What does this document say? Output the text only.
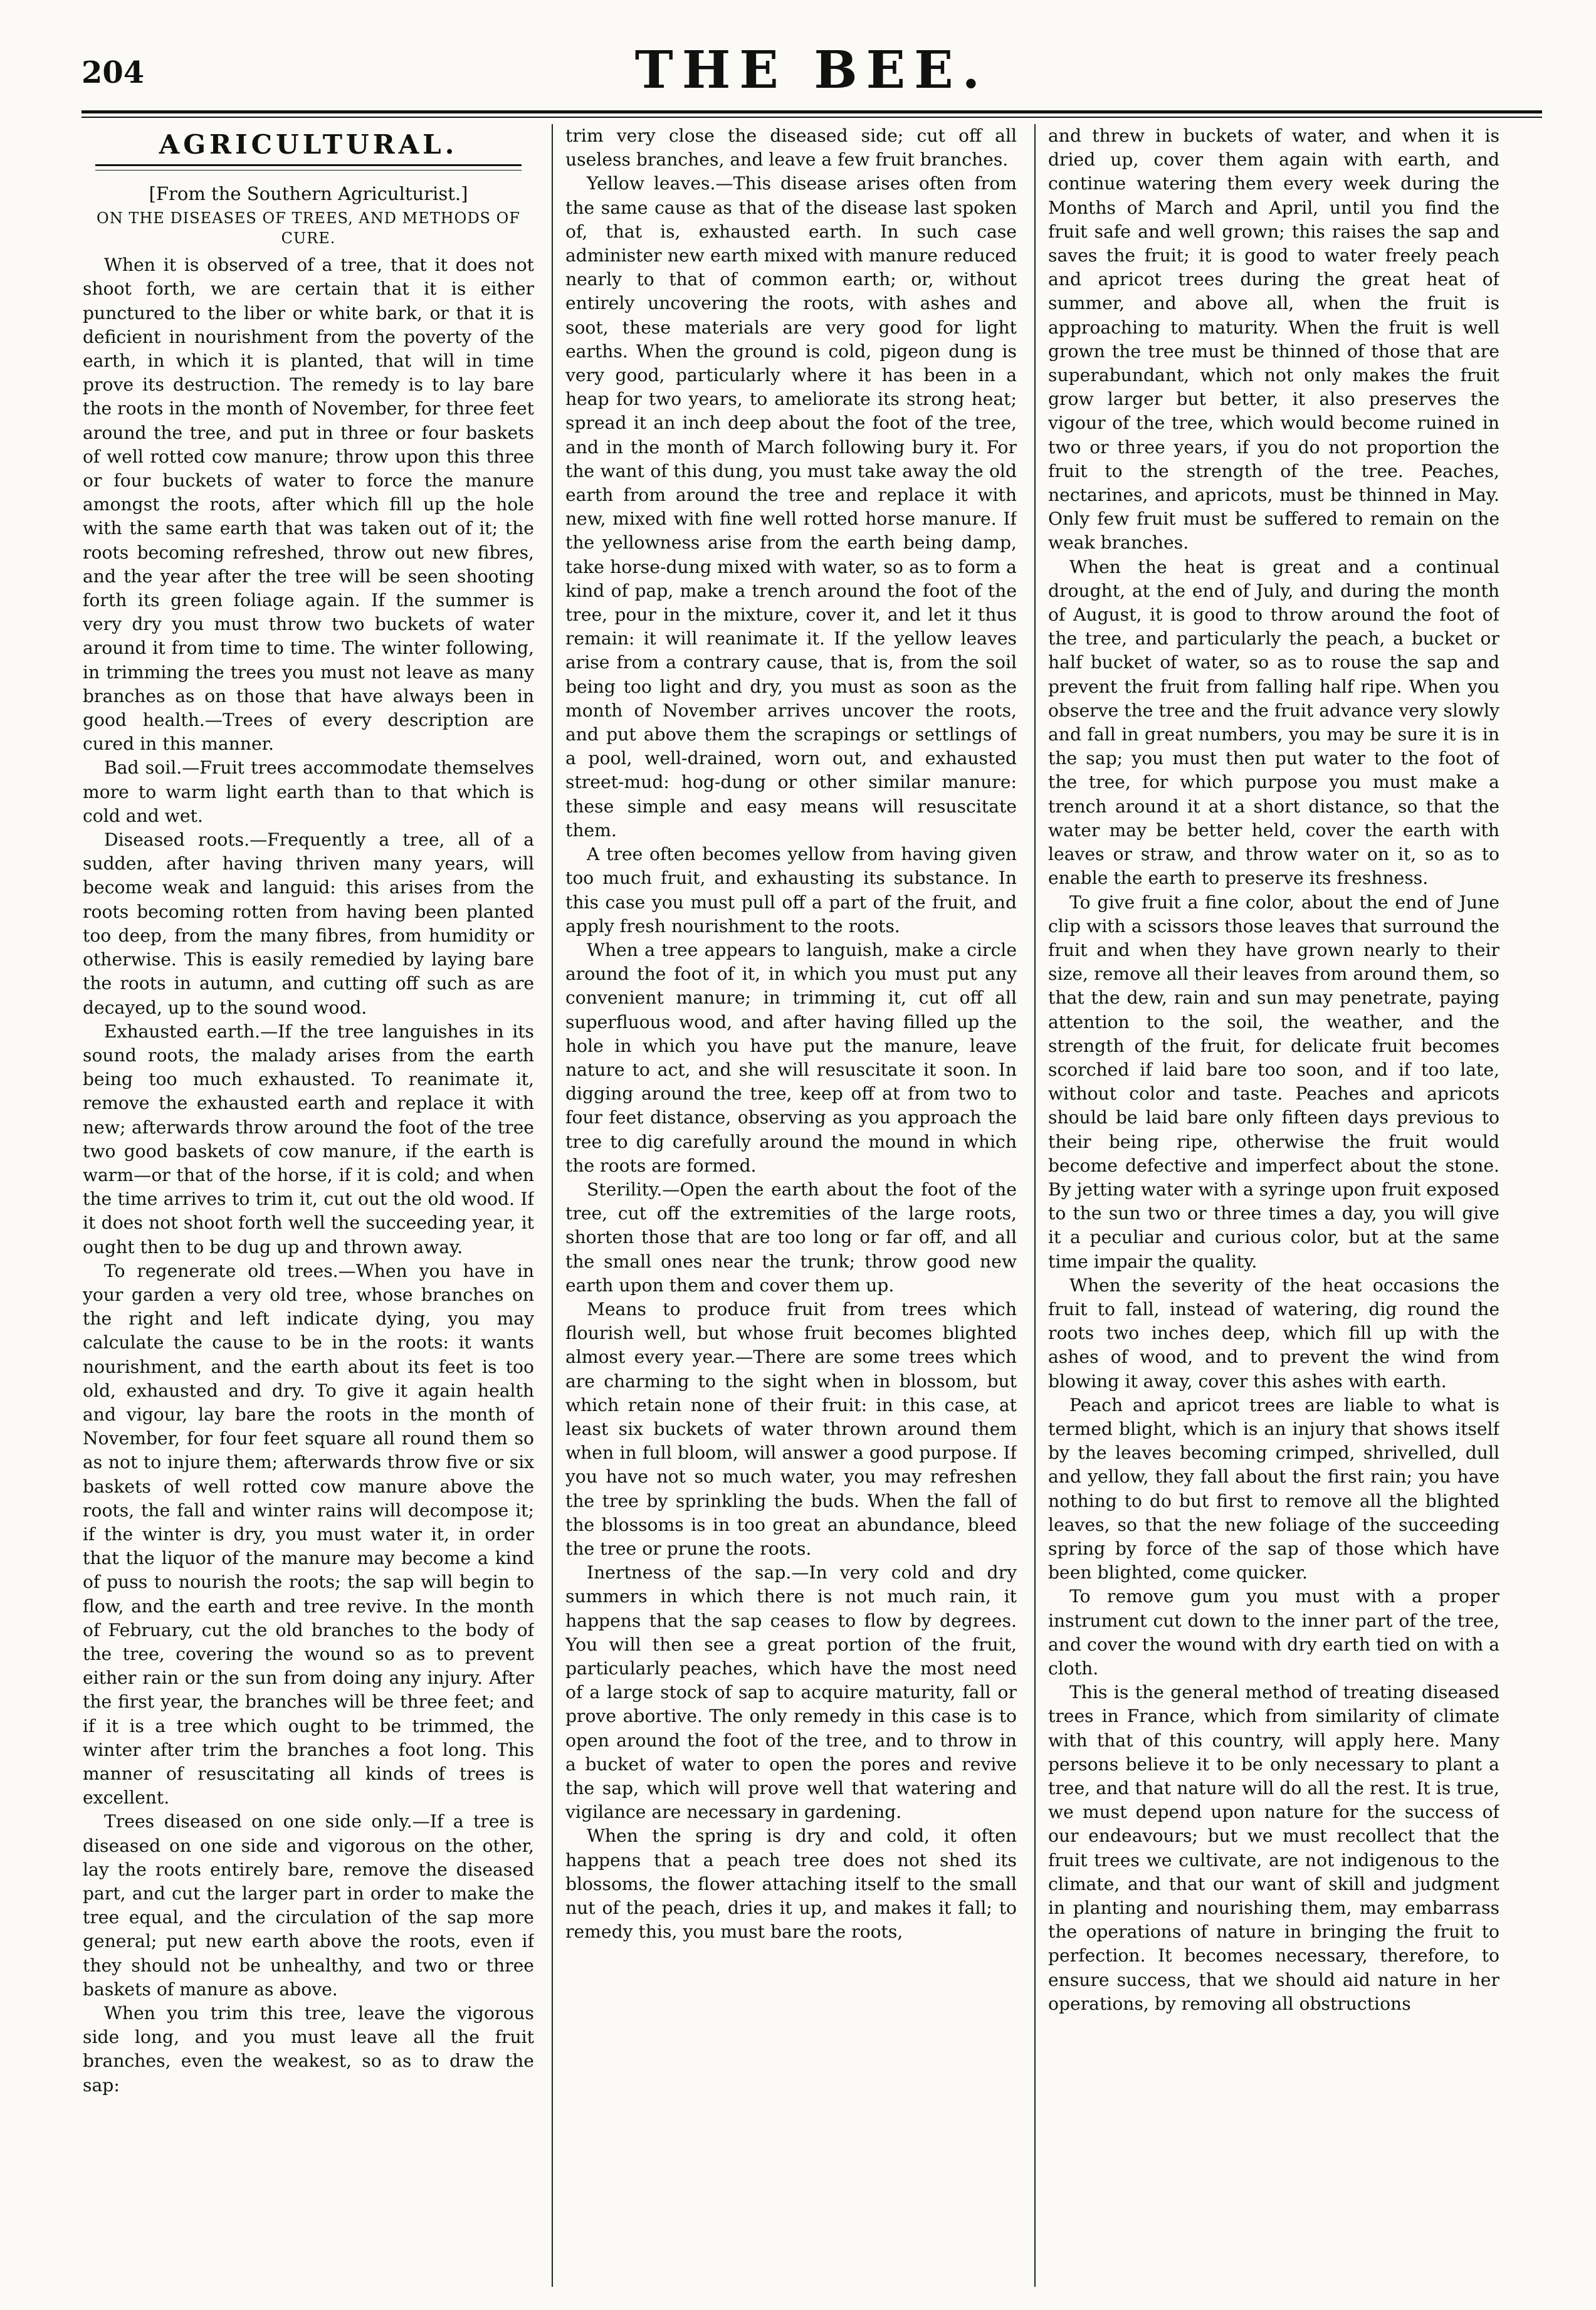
204	THE BEE.
AGRICULTURAL.
[From the Southern Agriculturist.]
ON THE DISEASES OF TREES, AND METHODS OF CURE.

When it is observed of a tree, that it does not shoot forth, we are certain that it is either punctured to the liber or white bark, or that it is deficient in nourishment from the poverty of the earth, in which it is planted, that will in time prove its destruction. The remedy is to lay bare the roots in the month of November, for three feet around the tree, and put in three or four baskets of well rotted cow manure; throw upon this three or four buckets of water to force the manure amongst the roots, after which fill up the hole with the same earth that was taken out of it; the roots becoming refreshed, throw out new fibres, and the year after the tree will be seen shooting forth its green foliage again. If the summer is very dry you must throw two buckets of water around it from time to time. The winter following, in trimming the trees you must not leave as many branches as on those that have always been in good health.—Trees of every description are cured in this manner.

Bad soil.—Fruit trees accommodate themselves more to warm light earth than to that which is cold and wet.

Diseased roots.—Frequently a tree, all of a sudden, after having thriven many years, will become weak and languid: this arises from the roots becoming rotten from having been planted too deep, from the many fibres, from humidity or otherwise. This is easily remedied by laying bare the roots in autumn, and cutting off such as are decayed, up to the sound wood.

Exhausted earth.—If the tree languishes in its sound roots, the malady arises from the earth being too much exhausted. To reanimate it, remove the exhausted earth and replace it with new; afterwards throw around the foot of the tree two good baskets of cow manure, if the earth is warm—or that of the horse, if it is cold; and when the time arrives to trim it, cut out the old wood. If it does not shoot forth well the succeeding year, it ought then to be dug up and thrown away.

To regenerate old trees.—When you have in your garden a very old tree, whose branches on the right and left indicate dying, you may calculate the cause to be in the roots: it wants nourishment, and the earth about its feet is too old, exhausted and dry. To give it again health and vigour, lay bare the roots in the month of November, for four feet square all round them so as not to injure them; afterwards throw five or six baskets of well rotted cow manure above the roots, the fall and winter rains will decompose it; if the winter is dry, you must water it, in order that the liquor of the manure may become a kind of puss to nourish the roots; the sap will begin to flow, and the earth and tree revive. In the month of February, cut the old branches to the body of the tree, covering the wound so as to prevent either rain or the sun from doing any injury. After the first year, the branches will be three feet; and if it is a tree which ought to be trimmed, the winter after trim the branches a foot long. This manner of resuscitating all kinds of trees is excellent.

Trees diseased on one side only.—If a tree is diseased on one side and vigorous on the other, lay the roots entirely bare, remove the diseased part, and cut the larger part in order to make the tree equal, and the circulation of the sap more general; put new earth above the roots, even if they should not be unhealthy, and two or three baskets of manure as above.

When you trim this tree, leave the vigorous side long, and you must leave all the fruit branches, even the weakest, so as to draw the sap:

trim very close the diseased side; cut off all useless branches, and leave a few fruit branches.

Yellow leaves.—This disease arises often from the same cause as that of the disease last spoken of, that is, exhausted earth. In such case administer new earth mixed with manure reduced nearly to that of common earth; or, without entirely uncovering the roots, with ashes and soot, these materials are very good for light earths. When the ground is cold, pigeon dung is very good, particularly where it has been in a heap for two years, to ameliorate its strong heat; spread it an inch deep about the foot of the tree, and in the month of March following bury it. For the want of this dung, you must take away the old earth from around the tree and replace it with new, mixed with fine well rotted horse manure. If the yellowness arise from the earth being damp, take horse-dung mixed with water, so as to form a kind of pap, make a trench around the foot of the tree, pour in the mixture, cover it, and let it thus remain: it will reanimate it. If the yellow leaves arise from a contrary cause, that is, from the soil being too light and dry, you must as soon as the month of November arrives uncover the roots, and put above them the scrapings or settlings of a pool, well-drained, worn out, and exhausted street-mud: hog-dung or other similar manure: these simple and easy means will resuscitate them.

A tree often becomes yellow from having given too much fruit, and exhausting its substance. In this case you must pull off a part of the fruit, and apply fresh nourishment to the roots.

When a tree appears to languish, make a circle around the foot of it, in which you must put any convenient manure; in trimming it, cut off all superfluous wood, and after having filled up the hole in which you have put the manure, leave nature to act, and she will resuscitate it soon. In digging around the tree, keep off at from two to four feet distance, observing as you approach the tree to dig carefully around the mound in which the roots are formed.

Sterility.—Open the earth about the foot of the tree, cut off the extremities of the large roots, shorten those that are too long or far off, and all the small ones near the trunk; throw good new earth upon them and cover them up.

Means to produce fruit from trees which flourish well, but whose fruit becomes blighted almost every year.—There are some trees which are charming to the sight when in blossom, but which retain none of their fruit: in this case, at least six buckets of water thrown around them when in full bloom, will answer a good purpose. If you have not so much water, you may refreshen the tree by sprinkling the buds. When the fall of the blossoms is in too great an abundance, bleed the tree or prune the roots.

Inertness of the sap.—In very cold and dry summers in which there is not much rain, it happens that the sap ceases to flow by degrees. You will then see a great portion of the fruit, particularly peaches, which have the most need of a large stock of sap to acquire maturity, fall or prove abortive. The only remedy in this case is to open around the foot of the tree, and to throw in a bucket of water to open the pores and revive the sap, which will prove well that watering and vigilance are necessary in gardening.

When the spring is dry and cold, it often happens that a peach tree does not shed its blossoms, the flower attaching itself to the small nut of the peach, dries it up, and makes it fall; to remedy this, you must bare the roots,

and threw in buckets of water, and when it is dried up, cover them again with earth, and continue watering them every week during the Months of March and April, until you find the fruit safe and well grown; this raises the sap and saves the fruit; it is good to water freely peach and apricot trees during the great heat of summer, and above all, when the fruit is approaching to maturity. When the fruit is well grown the tree must be thinned of those that are superabundant, which not only makes the fruit grow larger but better, it also preserves the vigour of the tree, which would become ruined in two or three years, if you do not proportion the fruit to the strength of the tree. Peaches, nectarines, and apricots, must be thinned in May. Only few fruit must be suffered to remain on the weak branches.

When the heat is great and a continual drought, at the end of July, and during the month of August, it is good to throw around the foot of the tree, and particularly the peach, a bucket or half bucket of water, so as to rouse the sap and prevent the fruit from falling half ripe. When you observe the tree and the fruit advance very slowly and fall in great numbers, you may be sure it is in the sap; you must then put water to the foot of the tree, for which purpose you must make a trench around it at a short distance, so that the water may be better held, cover the earth with leaves or straw, and throw water on it, so as to enable the earth to preserve its freshness.

To give fruit a fine color, about the end of June clip with a scissors those leaves that surround the fruit and when they have grown nearly to their size, remove all their leaves from around them, so that the dew, rain and sun may penetrate, paying attention to the soil, the weather, and the strength of the fruit, for delicate fruit becomes scorched if laid bare too soon, and if too late, without color and taste. Peaches and apricots should be laid bare only fifteen days previous to their being ripe, otherwise the fruit would become defective and imperfect about the stone. By jetting water with a syringe upon fruit exposed to the sun two or three times a day, you will give it a peculiar and curious color, but at the same time impair the quality.

When the severity of the heat occasions the fruit to fall, instead of watering, dig round the roots two inches deep, which fill up with the ashes of wood, and to prevent the wind from blowing it away, cover this ashes with earth.

Peach and apricot trees are liable to what is termed blight, which is an injury that shows itself by the leaves becoming crimped, shrivelled, dull and yellow, they fall about the first rain; you have nothing to do but first to remove all the blighted leaves, so that the new foliage of the succeeding spring by force of the sap of those which have been blighted, come quicker.

To remove gum you must with a proper instrument cut down to the inner part of the tree, and cover the wound with dry earth tied on with a cloth.

This is the general method of treating diseased trees in France, which from similarity of climate with that of this country, will apply here. Many persons believe it to be only necessary to plant a tree, and that nature will do all the rest. It is true, we must depend upon nature for the success of our endeavours; but we must recollect that the fruit trees we cultivate, are not indigenous to the climate, and that our want of skill and judgment in planting and nourishing them, may embarrass the operations of nature in bringing the fruit to perfection. It becomes necessary, therefore, to ensure success, that we should aid nature in her operations, by removing all obstructions
